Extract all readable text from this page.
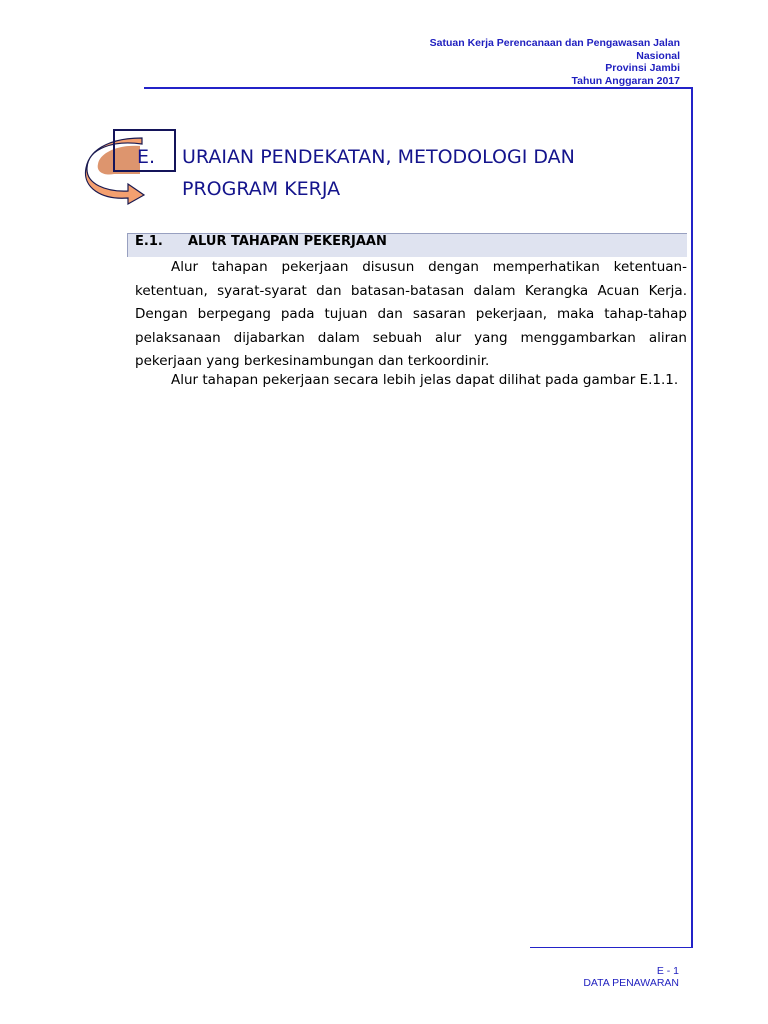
Satuan Kerja Perencanaan dan Pengawasan Jalan
Nasional
Provinsi Jambi
Tahun Anggaran 2017
E. URAIAN PENDEKATAN, METODOLOGI DAN
PROGRAM KERJA
E.1. ALUR TAHAPAN PEKERJAAN
Alur tahapan pekerjaan disusun dengan memperhatikan ketentuan-ketentuan, syarat-syarat dan batasan-batasan dalam Kerangka Acuan Kerja. Dengan berpegang pada tujuan dan sasaran pekerjaan, maka tahap-tahap pelaksanaan dijabarkan dalam sebuah alur yang menggambarkan aliran pekerjaan yang berkesinambungan dan terkoordinir.
Alur tahapan pekerjaan secara lebih jelas dapat dilihat pada gambar E.1.1.
E - 1
DATA PENAWARAN
